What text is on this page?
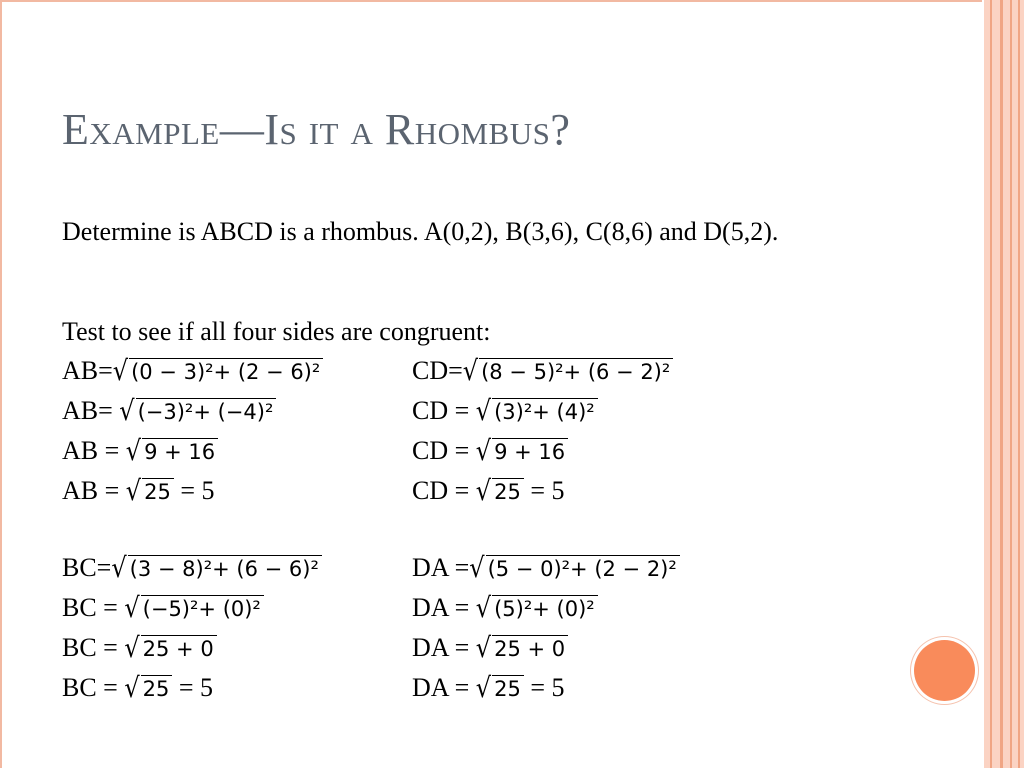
Example—Is it a Rhombus?

Determine is ABCD is a rhombus. A(0,2), B(3,6), C(8,6) and D(5,2).

Test to see if all four sides are congruent:

AB=√ (0 − 3)²+ (2 − 6)²

AB= √ (−3)²+ (−4)²

AB = √ 9 + 16

AB = √ 25 = 5

BC=√ (3 − 8)²+ (6 − 6)²

BC = √ (−5)²+ (0)²

BC = √ 25 + 0

BC = √ 25 = 5

CD=√ (8 − 5)²+ (6 − 2)²

CD = √ (3)²+ (4)²

CD = √ 9 + 16

CD = √ 25 = 5

DA =√ (5 − 0)²+ (2 − 2)²

DA = √ (5)²+ (0)²

DA = √ 25 + 0

DA = √ 25 = 5
